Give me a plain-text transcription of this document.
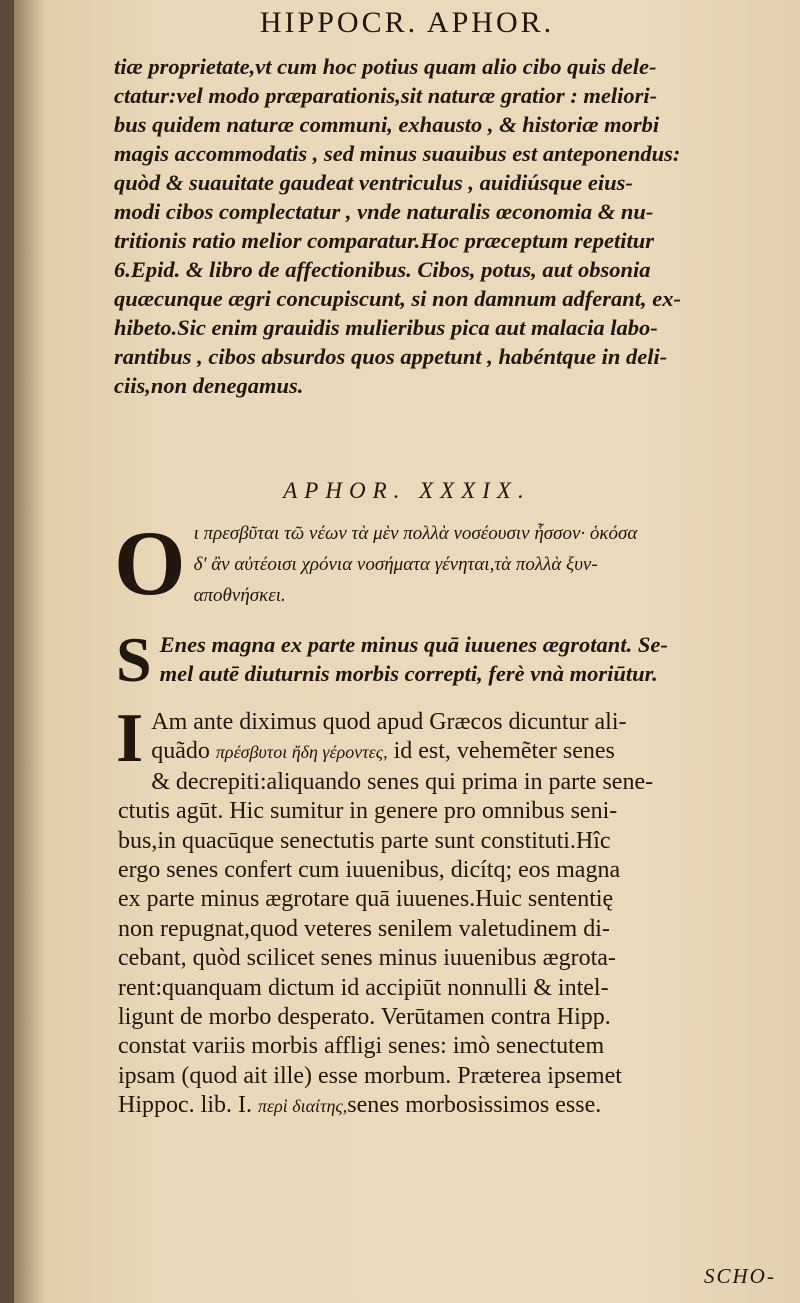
HIPPOCR. APHOR.
tiæ proprietate,vt cum hoc potius quam alio cibo quis dele-
ctatur:vel modo præparationis,sit naturæ gratior : meliori-
bus quidem naturæ communi, exhausto , & historiæ morbi
magis accommodatis , sed minus suauibus est anteponendus:
quòd & suauitate gaudeat ventriculus , auidiúsque eius-
modi cibos complectatur , vnde naturalis œconomia & nu-
tritionis ratio melior comparatur.Hoc præceptum repetitur
6.Epid. & libro de affectionibus. Cibos, potus, aut obsonia
quæcunque ægri concupiscunt, si non damnum adferant, ex-
hibeto.Sic enim grauidis mulieribus pica aut malacia labo-
rantibus , cibos absurdos quos appetunt , habéntque in deli-
ciis,non denegamus.
APHOR. XXXIX.
O ι πρεσβῦται τῶ νέων τὰ μὲν πολλὰ νοσέουσιν ἧσσον· ὁκόσα
δ' ἂν αὐτέοισι χρόνια νοσήματα γένηται,τὰ πολλὰ ξυν-
αποθνήσκει.
S Enes magna ex parte minus quā iuuenes ægrotant. Se-
mel autē diuturnis morbis correpti, ferè vnà moriūtur.
I Am ante diximus quod apud Græcos dicuntur ali-
quãdo πρέσβυτοι ἤδη γέροντες, id est, vehemẽter senes
& decrepiti:aliquando senes qui prima in parte sene-
ctutis agūt. Hic sumitur in genere pro omnibus seni-
bus,in quacūque senectutis parte sunt constituti.Hîc
ergo senes confert cum iuuenibus, dicítq; eos magna
ex parte minus ægrotare quā iuuenes.Huic sententię
non repugnat,quod veteres senilem valetudinem di-
cebant, quòd scilicet senes minus iuuenibus ægrota-
rent:quanquam dictum id accipiūt nonnulli & intel-
ligunt de morbo desperato. Verūtamen contra Hipp.
constat variis morbis affligi senes: imò senectutem
ipsam (quod ait ille) esse morbum. Præterea ipsemet
Hippoc. lib. I. περὶ διαίτης,senes morbosissimos esse.
SCHO-
